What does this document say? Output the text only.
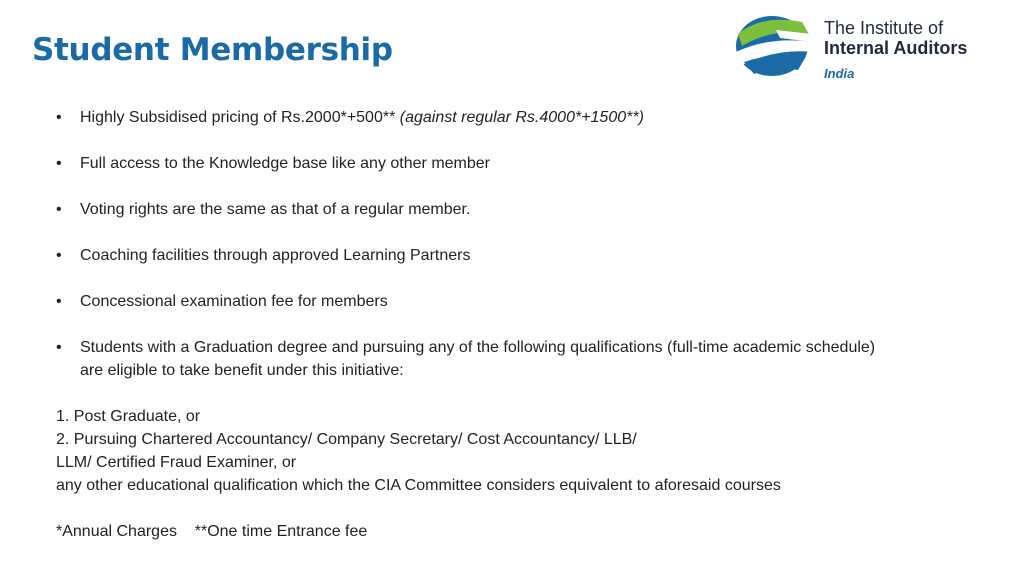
Student Membership
The Institute of
Internal Auditors
India
• Highly Subsidised pricing of Rs.2000*+500** (against regular Rs.4000*+1500**)
• Full access to the Knowledge base like any other member
• Voting rights are the same as that of a regular member.
• Coaching facilities through approved Learning Partners
• Concessional examination fee for members
• Students with a Graduation degree and pursuing any of the following qualifications (full-time academic schedule) are eligible to take benefit under this initiative:
1. Post Graduate, or
2. Pursuing Chartered Accountancy/ Company Secretary/ Cost Accountancy/ LLB/
LLM/ Certified Fraud Examiner, or
any other educational qualification which the CIA Committee considers equivalent to aforesaid courses
*Annual Charges    **One time Entrance fee
